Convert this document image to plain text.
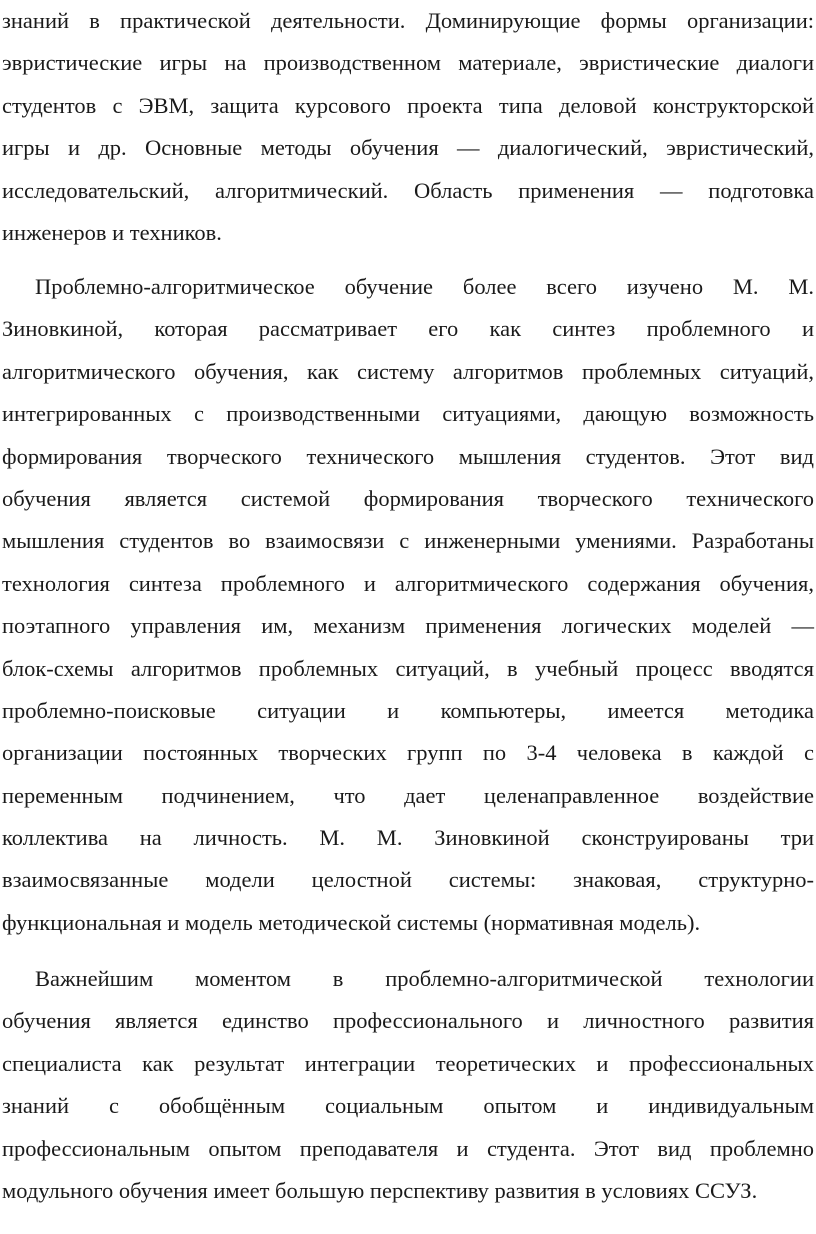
знаний в практической деятельности. Доминирующие формы организации:
эвристические игры на производственном материале, эвристические диалоги
студентов с ЭВМ, защита курсового проекта типа деловой конструкторской
игры и др. Основные методы обучения — диалогический, эвристический,
исследовательский, алгоритмический. Область применения — подготовка
инженеров и техников.
Проблемно-алгоритмическое обучение более всего изучено М. М.
Зиновкиной, которая рассматривает его как синтез проблемного и
алгоритмического обучения, как систему алгоритмов проблемных ситуаций,
интегрированных с производственными ситуациями, дающую возможность
формирования творческого технического мышления студентов. Этот вид
обучения является системой формирования творческого технического
мышления студентов во взаимосвязи с инженерными умениями. Разработаны
технология синтеза проблемного и алгоритмического содержания обучения,
поэтапного управления им, механизм применения логических моделей —
блок-схемы алгоритмов проблемных ситуаций, в учебный процесс вводятся
проблемно-поисковые ситуации и компьютеры, имеется методика
организации постоянных творческих групп по 3-4 человека в каждой с
переменным подчинением, что дает целенаправленное воздействие
коллектива на личность. М. М. Зиновкиной сконструированы три
взаимосвязанные модели целостной системы: знаковая, структурно-
функциональная и модель методической системы (нормативная модель).
Важнейшим моментом в проблемно-алгоритмической технологии
обучения является единство профессионального и личностного развития
специалиста как результат интеграции теоретических и профессиональных
знаний с обобщённым социальным опытом и индивидуальным
профессиональным опытом преподавателя и студента. Этот вид проблемно
модульного обучения имеет большую перспективу развития в условиях ССУЗ.
